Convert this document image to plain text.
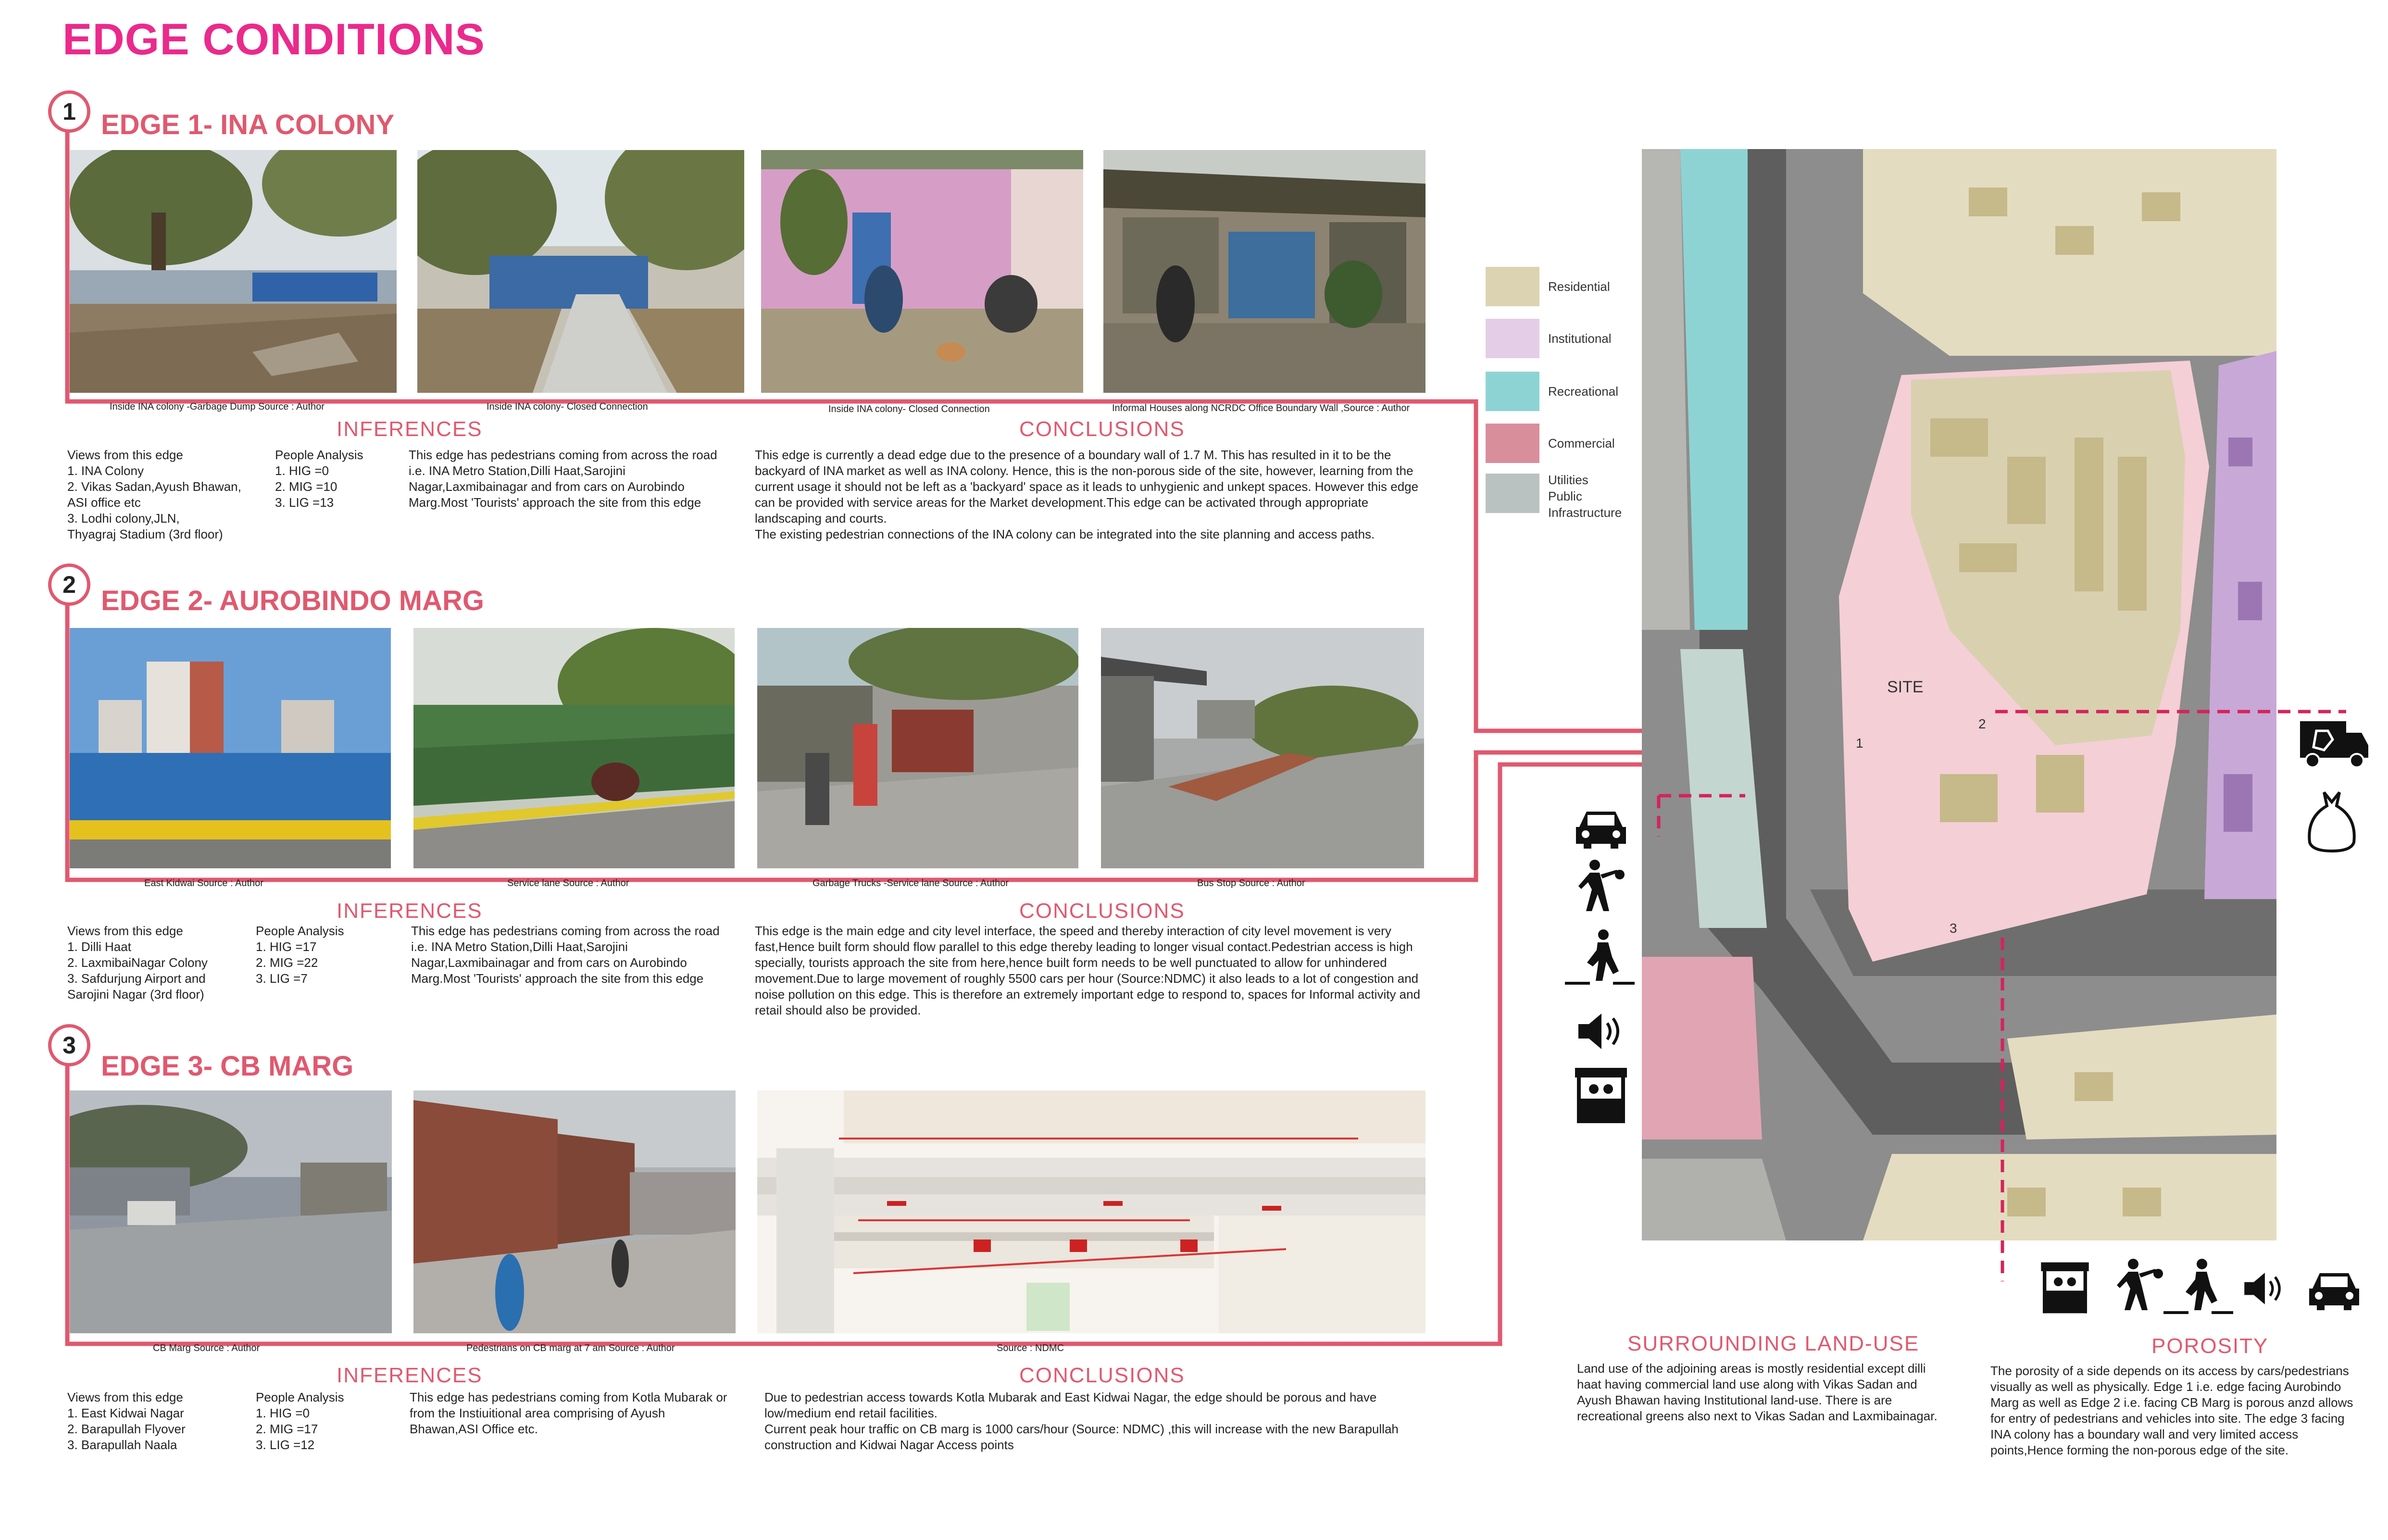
EDGE CONDITIONS
1 EDGE 1- INA COLONY
Inside INA colony -Garbage Dump Source : Author	Inside INA colony- Closed Connection	Inside INA colony- Closed Connection	Informal Houses along NCRDC Office Boundary Wall ,Source : Author
INFERENCES
Views from this edge
1. INA Colony
2. Vikas Sadan,Ayush Bhawan,
ASI office etc
3. Lodhi colony,JLN,
Thyagraj Stadium (3rd floor)
People Analysis
1. HIG =0
2. MIG =10
3. LIG =13
This edge has pedestrians coming from across the road i.e. INA Metro Station,Dilli Haat,Sarojini Nagar,Laxmibainagar and from cars on Aurobindo Marg.Most 'Tourists' approach the site from this edge
CONCLUSIONS
This edge is currently a dead edge due to the presence of a boundary wall of 1.7 M. This has resulted in it to be the backyard of INA market as well as INA colony. Hence, this is the non-porous side of the site, however, learning from the current usage it should not be left as a 'backyard' space as it leads to unhygienic and unkept spaces. However this edge can be provided with service areas for the Market development.This edge can be activated through appropriate landscaping and courts.
The existing pedestrian connections of the INA colony can be integrated into the site planning and access paths.
2
EDGE 2- AUROBINDO MARG
East Kidwai Source : Author	Service lane Source : Author	Garbage Trucks -Service lane Source : Author	Bus Stop Source : Author
INFERENCES
Views from this edge
1. Dilli Haat
2. LaxmibaiNagar Colony
3. Safdurjung Airport and
Sarojini Nagar (3rd floor)
People Analysis
1. HIG =17
2. MIG =22
3. LIG =7
This edge has pedestrians coming from across the road i.e. INA Metro Station,Dilli Haat,Sarojini Nagar,Laxmibainagar and from cars on Aurobindo Marg.Most 'Tourists' approach the site from this edge
CONCLUSIONS
This edge is the main edge and city level interface, the speed and thereby interaction of city level movement is very fast,Hence built form should flow parallel to this edge thereby leading to longer visual contact.Pedestrian access is high specially, tourists approach the site from here,hence built form needs to be well punctuated to allow for unhindered movement.Due to large movement of roughly 5500 cars per hour (Source:NDMC) it also leads to a lot of congestion and noise pollution on this edge. This is therefore an extremely important edge to respond to, spaces for Informal activity and retail should also be provided.
3
EDGE 3- CB MARG
CB Marg Source : Author	Pedestrians on CB marg at 7 am Source : Author	Source : NDMC
INFERENCES
Views from this edge
1. East Kidwai Nagar
2. Barapullah Flyover
3. Barapullah Naala
People Analysis
1. HIG =0
2. MIG =17
3. LIG =12
This edge has pedestrians coming from Kotla Mubarak or from the Instiuitional area comprising of Ayush Bhawan,ASI Office etc.
CONCLUSIONS
Due to pedestrian access towards Kotla Mubarak and East Kidwai Nagar, the edge should be porous and have low/medium end retail facilities.
Current peak hour traffic on CB marg is 1000 cars/hour (Source: NDMC) ,this will increase with the new Barapullah construction and Kidwai Nagar Access points
Residential
Institutional
Recreational
Commercial
Utilities
Public
Infrastructure
SITE
1
2
3
SURROUNDING LAND-USE
Land use of the adjoining areas is mostly residential except dilli haat having commercial land use along with Vikas Sadan and Ayush Bhawan having Institutional land-use. There is are recreational greens also next to Vikas Sadan and Laxmibainagar.
POROSITY
The porosity of a side depends on its access by cars/pedestrians visually as well as physically. Edge 1 i.e. edge facing Aurobindo Marg as well as Edge 2 i.e. facing CB Marg is porous anzd allows for entry of pedestrians and vehicles into site. The edge 3 facing INA colony has a boundary wall and very limited access points,Hence forming the non-porous edge of the site.
